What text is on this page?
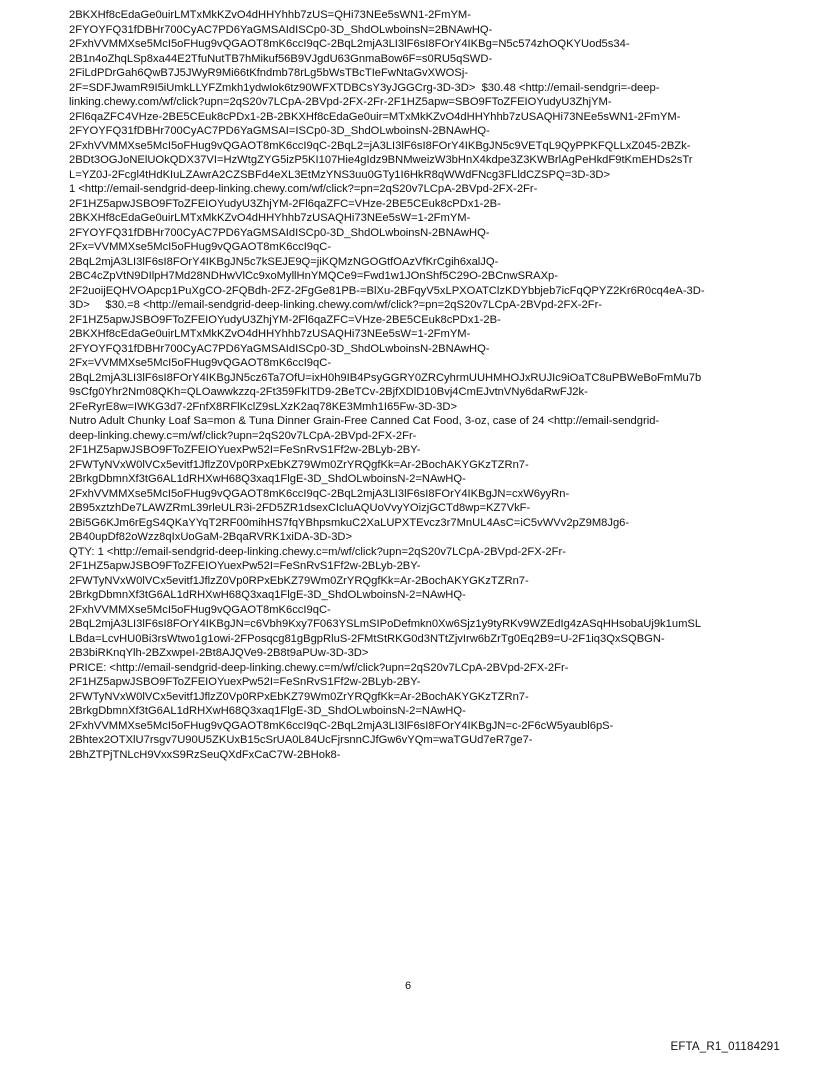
2BKXHf8cEdaGe0uirLMTxMkKZvO4dHHYhhb7zUS=QHi73NEe5sWN1-2FmYM-
2FYOYFQ31fDBHr700CyAC7PD6YaGMSAIdISCp0-3D_ShdOLwboinsN=2BNAwHQ-
2FxhVVMMXse5McI5oFHug9vQGAOT8mK6ccI9qC-2BqL2mjA3LI3lF6sI8FOrY4IKBg=N5c574zhOQKYUod5s34-
2B1n4oZhqLSp8xa44E2TfuNutTB7hMikuf56B9VJgdU63GnmaBow6F=s0RU5qSWD-
2FiLdPDrGah6QwB7J5JWyR9Mi66tKfndmb78rLg5bWsTBcTIeFwNtaGvXWOSj-
2F=SDFJwamR9I5iUmkLLYFZmkh1ydwIok6tz90WFXTDBCsY3yJGGCrg-3D-3D>  $30.48 <http://email-sendgri=-deep-
linking.chewy.com/wf/click?upn=2qS20v7LCpA-2BVpd-2FX-2Fr-2F1HZ5apw=SBO9FToZFEIOYudyU3ZhjYM-
2Fl6qaZFC4VHze-2BE5CEuk8cPDx1-2B-2BKXHf8cEdaGe0uir=MTxMkKZvO4dHHYhhb7zUSAQHi73NEe5sWN1-2FmYM-
2FYOYFQ31fDBHr700CyAC7PD6YaGMSAI=ISCp0-3D_ShdOLwboinsN-2BNAwHQ-
2FxhVVMMXse5McI5oFHug9vQGAOT8mK6ccI9qC-2BqL2=jA3LI3lF6sI8FOrY4IKBgJN5c9VETqL9QyPPKFQLLxZ045-2BZk-
2BDt3OGJoNElUOkQDX37VI=HzWtgZYG5izP5KI107Hie4gIdz9BNMweizW3bHnX4kdpe3Z3KWBrlAgPeHkdF9tKmEHDs2sTr
L=YZ0J-2Fcgl4tHdKIuLZAwrA2CZSBFd4eXL3EtMzYNS3uu0GTy1I6HkR8qWWdFNcg3FLldCZSPQ=3D-3D>
1 <http://email-sendgrid-deep-linking.chewy.com/wf/click?=pn=2qS20v7LCpA-2BVpd-2FX-2Fr-
2F1HZ5apwJSBO9FToZFEIOYudyU3ZhjYM-2Fl6qaZFC=VHze-2BE5CEuk8cPDx1-2B-
2BKXHf8cEdaGe0uirLMTxMkKZvO4dHHYhhb7zUSAQHi73NEe5sW=1-2FmYM-
2FYOYFQ31fDBHr700CyAC7PD6YaGMSAIdISCp0-3D_ShdOLwboinsN-2BNAwHQ-
2Fx=VVMMXse5McI5oFHug9vQGAOT8mK6ccI9qC-
2BqL2mjA3LI3lF6sI8FOrY4IKBgJN5c7kSEJE9Q=jiKQMzNGOGtfOAzVfKrCgih6xalJQ-
2BC4cZpVtN9DIlpH7Md28NDHwVlCc9xoMyllHnYMQCe9=Fwd1w1JOnShf5C29O-2BCnwSRAXp-
2F2uoijEQHVOApcp1PuXgCO-2FQBdh-2FZ-2FgGe81PB-=BlXu-2BFqyV5xLPXOATClzKDYbbjeb7icFqQPYZ2Kr6R0cq4eA-3D-
3D>     $30.=8 <http://email-sendgrid-deep-linking.chewy.com/wf/click?=pn=2qS20v7LCpA-2BVpd-2FX-2Fr-
2F1HZ5apwJSBO9FToZFEIOYudyU3ZhjYM-2Fl6qaZFC=VHze-2BE5CEuk8cPDx1-2B-
2BKXHf8cEdaGe0uirLMTxMkKZvO4dHHYhhb7zUSAQHi73NEe5sW=1-2FmYM-
2FYOYFQ31fDBHr700CyAC7PD6YaGMSAIdISCp0-3D_ShdOLwboinsN-2BNAwHQ-
2Fx=VVMMXse5McI5oFHug9vQGAOT8mK6ccI9qC-
2BqL2mjA3LI3lF6sI8FOrY4IKBgJN5cz6Ta7OfU=ixH0h9IB4PsyGGRY0ZRCyhrmUUHMHOJxRUJIc9iOaTC8uPBWeBoFmMu7b
9sCfg0Yhr2Nm08QKh=QLOawwkzzq-2Ft359FkITD9-2BeTCv-2BjfXDlD10Bvj4CmEJvtnVNy6daRwFJ2k-
2FeRyrE8w=IWKG3d7-2FnfX8RFlKclZ9sLXzK2aq78KE3Mmh1I65Fw-3D-3D>
Nutro Adult Chunky Loaf Sa=mon & Tuna Dinner Grain-Free Canned Cat Food, 3-oz, case of 24 <http://email-sendgrid-
deep-linking.chewy.c=m/wf/click?upn=2qS20v7LCpA-2BVpd-2FX-2Fr-
2F1HZ5apwJSBO9FToZFEIOYuexPw52I=FeSnRvS1Ff2w-2BLyb-2BY-
2FWTyNVxW0lVCx5evitf1JflzZ0Vp0RPxEbKZ79Wm0ZrYRQgfKk=Ar-2BochAKYGKzTZRn7-
2BrkgDbmnXf3tG6AL1dRHXwH68Q3xaq1FlgE-3D_ShdOLwboinsN-2=NAwHQ-
2FxhVVMMXse5McI5oFHug9vQGAOT8mK6ccI9qC-2BqL2mjA3LI3lF6sI8FOrY4IKBgJN=cxW6yyRn-
2B95xztzhDe7LAWZRmL39rleULR3i-2FD5ZR1dsexCIcluAQUoVvyYOizjGCTd8wp=KZ7VkF-
2Bi5G6KJm6rEgS4QKaYYqT2RF00mihHS7fqYBhpsmkuC2XaLUPXTEvcz3r7MnUL4AsC=iC5vWVv2pZ9M8Jg6-
2B40upDf82oWzz8qIxUoGaM-2BqaRVRK1xiDA-3D-3D>
QTY: 1 <http://email-sendgrid-deep-linking.chewy.c=m/wf/click?upn=2qS20v7LCpA-2BVpd-2FX-2Fr-
2F1HZ5apwJSBO9FToZFEIOYuexPw52I=FeSnRvS1Ff2w-2BLyb-2BY-
2FWTyNVxW0lVCx5evitf1JflzZ0Vp0RPxEbKZ79Wm0ZrYRQgfKk=Ar-2BochAKYGKzTZRn7-
2BrkgDbmnXf3tG6AL1dRHXwH68Q3xaq1FlgE-3D_ShdOLwboinsN-2=NAwHQ-
2FxhVVMMXse5McI5oFHug9vQGAOT8mK6ccI9qC-
2BqL2mjA3LI3lF6sI8FOrY4IKBgJN=c6Vbh9Kxy7F063YSLmSIPoDefmkn0Xw6Sjz1y9tyRKv9WZEdIg4zASqHHsobaUj9k1umSL
LBda=LcvHU0Bi3rsWtwo1g1owi-2FPosqcg81gBgpRluS-2FMtStRKG0d3NTtZjvIrw6bZrTg0Eq2B9=U-2F1iq3QxSQBGN-
2B3biRKnqYlh-2BZxwpeI-2Bt8AJQVe9-2B8t9aPUw-3D-3D>
PRICE: <http://email-sendgrid-deep-linking.chewy.c=m/wf/click?upn=2qS20v7LCpA-2BVpd-2FX-2Fr-
2F1HZ5apwJSBO9FToZFEIOYuexPw52I=FeSnRvS1Ff2w-2BLyb-2BY-
2FWTyNVxW0lVCx5evitf1JflzZ0Vp0RPxEbKZ79Wm0ZrYRQgfKk=Ar-2BochAKYGKzTZRn7-
2BrkgDbmnXf3tG6AL1dRHXwH68Q3xaq1FlgE-3D_ShdOLwboinsN-2=NAwHQ-
2FxhVVMMXse5McI5oFHug9vQGAOT8mK6ccI9qC-2BqL2mjA3LI3lF6sI8FOrY4IKBgJN=c-2F6cW5yaubl6pS-
2Bhtex2OTXlU7rsgv7U90U5ZKUxB15cSrUA0L84UcFjrsnnCJfGw6vYQm=waTGUd7eR7ge7-
2BhZTPjTNLcH9VxxS9RzSeuQXdFxCaC7W-2BHok8-
6
EFTA_R1_01184291
